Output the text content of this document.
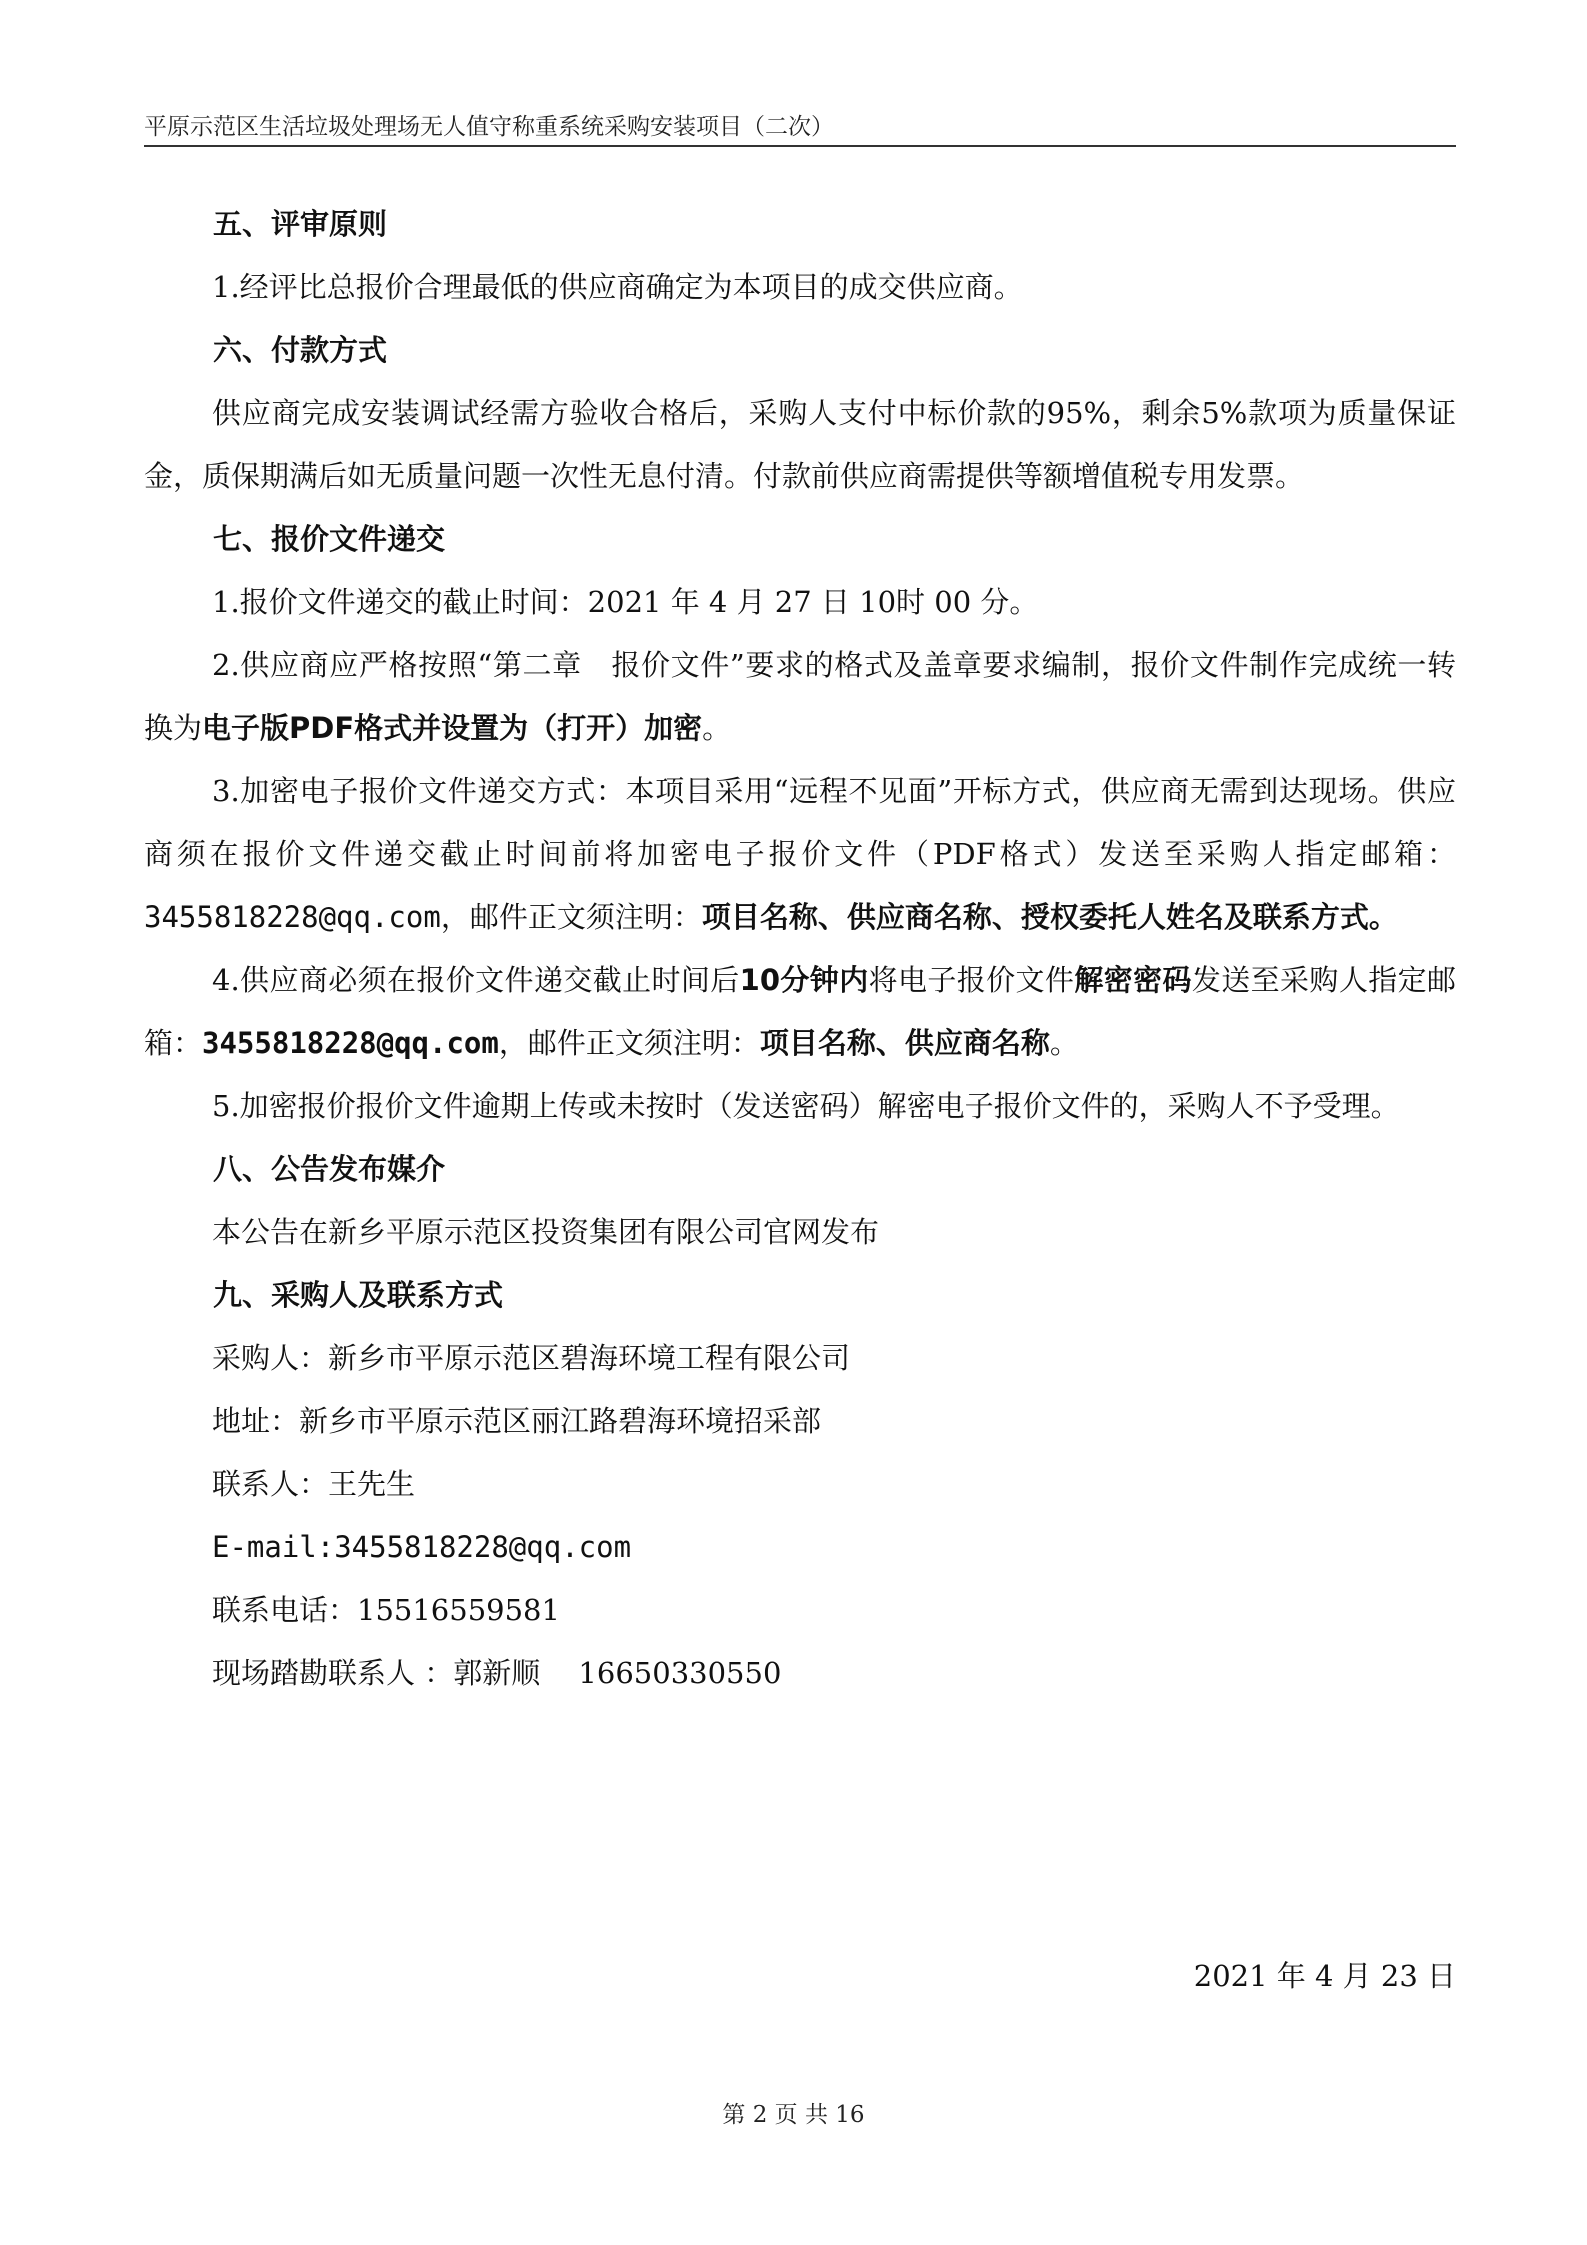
平原示范区生活垃圾处理场无人值守称重系统采购安装项目（二次）

五、评审原则

1.经评比总报价合理最低的供应商确定为本项目的成交供应商。

六、付款方式

供应商完成安装调试经需方验收合格后，采购人支付中标价款的95%，剩余5%款项为质量保证金，质保期满后如无质量问题一次性无息付清。付款前供应商需提供等额增值税专用发票。

七、报价文件递交

1.报价文件递交的截止时间：2021 年 4 月 27 日 10时 00 分。

2.供应商应严格按照“第二章　报价文件”要求的格式及盖章要求编制，报价文件制作完成统一转换为电子版PDF格式并设置为（打开）加密。

3.加密电子报价文件递交方式：本项目采用“远程不见面”开标方式，供应商无需到达现场。供应商须在报价文件递交截止时间前将加密电子报价文件（PDF格式）发送至采购人指定邮箱：3455818228@qq.com，邮件正文须注明：项目名称、供应商名称、授权委托人姓名及联系方式。

4.供应商必须在报价文件递交截止时间后10分钟内将电子报价文件解密密码发送至采购人指定邮箱：3455818228@qq.com，邮件正文须注明：项目名称、供应商名称。

5.加密报价报价文件逾期上传或未按时（发送密码）解密电子报价文件的，采购人不予受理。

八、公告发布媒介

本公告在新乡平原示范区投资集团有限公司官网发布

九、采购人及联系方式

采购人：新乡市平原示范区碧海环境工程有限公司

地址：新乡市平原示范区丽江路碧海环境招采部

联系人：王先生

E-mail:3455818228@qq.com

联系电话：15516559581

现场踏勘联系人 ：郭新顺　 16650330550

2021 年 4 月 23 日
第 2 页 共 16
